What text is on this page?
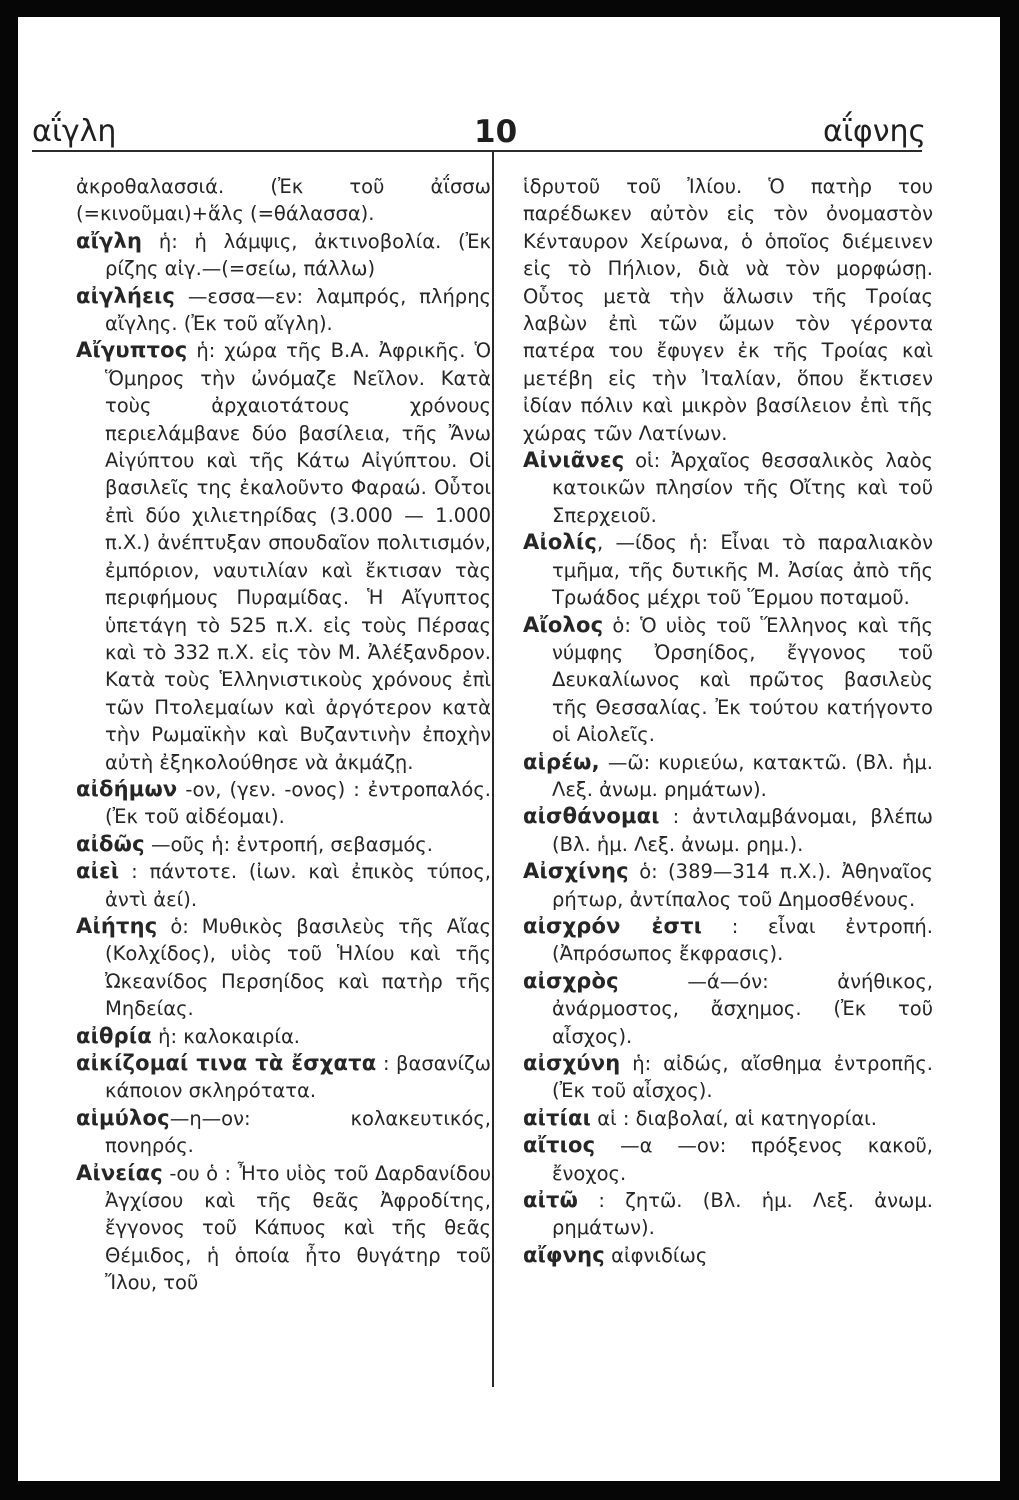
αΐγλη	10	αΐφνης
ἀκροθαλασσιά. (Ἐκ τοῦ ἀΐσσω (=κινοῦμαι)+ἅλς (=θάλασσα).
αἴγλη ἡ: ἡ λάμψις, ἀκτινοβολία. (Ἐκ ρίζης αἰγ.—(=σείω, πάλλω)
αἰγλήεις —εσσα—εν: λαμπρός, πλήρης αἴγλης. (Ἐκ τοῦ αἴγλη).
Αἴγυπτος ἡ: χώρα τῆς Β.Α. Ἀφρικῆς. Ὁ Ὅμηρος τὴν ὠνόμαζε Νεῖλον. Κατὰ τοὺς ἀρχαιοτάτους χρόνους περιελάμβανε δύο βασίλεια, τῆς Ἄνω Αἰγύπτου καὶ τῆς Κάτω Αἰγύπτου. Οἱ βασιλεῖς της ἐκαλοῦντο Φαραώ. Οὗτοι ἐπὶ δύο χιλιετηρίδας (3.000 — 1.000 π.Χ.) ἀνέπτυξαν σπουδαῖον πολιτισμόν, ἐμπόριον, ναυτιλίαν καὶ ἔκτισαν τὰς περιφήμους Πυραμίδας. Ἡ Αἴγυπτος ὑπετάγη τὸ 525 π.Χ. εἰς τοὺς Πέρσας καὶ τὸ 332 π.Χ. εἰς τὸν Μ. Ἀλέξανδρον. Κατὰ τοὺς Ἑλληνιστικοὺς χρόνους ἐπὶ τῶν Πτολεμαίων καὶ ἀργότερον κατὰ τὴν Ρωμαϊκὴν καὶ Βυζαντινὴν ἐποχὴν αὐτὴ ἐξηκολούθησε νὰ ἀκμάζῃ.
αἰδήμων -ον, (γεν. -ονος) : ἐντροπαλός. (Ἐκ τοῦ αἰδέομαι).
αἰδῶς —οῦς ἡ: ἐντροπή, σεβασμός.
αἰεὶ : πάντοτε. (ἰων. καὶ ἐπικὸς τύπος, ἀντὶ ἀεί).
Αἰήτης ὁ: Μυθικὸς βασιλεὺς τῆς Αἴας (Κολχίδος), υἱὸς τοῦ Ἡλίου καὶ τῆς Ὠκεανίδος Περσηίδος καὶ πατὴρ τῆς Μηδείας.
αἰθρία ἡ: καλοκαιρία.
αἰκίζομαί τινα τὰ ἔσχατα : βασανίζω κάποιον σκληρότατα.
αἱμύλος—η—ον: κολακευτικός, πονηρός.
Αἰνείας -ου ὁ : Ἦτο υἱὸς τοῦ Δαρδανίδου Ἀγχίσου καὶ τῆς θεᾶς Ἀφροδίτης, ἔγγονος τοῦ Κάπυος καὶ τῆς θεᾶς Θέμιδος, ἡ ὁποία ἦτο θυγάτηρ τοῦ Ἴλου, τοῦ
ἱδρυτοῦ τοῦ Ἰλίου. Ὁ πατὴρ του παρέδωκεν αὐτὸν εἰς τὸν ὀνομαστὸν Κένταυρον Χείρωνα, ὁ ὁποῖος διέμεινεν εἰς τὸ Πήλιον, διὰ νὰ τὸν μορφώσῃ. Οὗτος μετὰ τὴν ἅλωσιν τῆς Τροίας λαβὼν ἐπὶ τῶν ὤμων τὸν γέροντα πατέρα του ἔφυγεν ἐκ τῆς Τροίας καὶ μετέβη εἰς τὴν Ἰταλίαν, ὅπου ἔκτισεν ἰδίαν πόλιν καὶ μικρὸν βασίλειον ἐπὶ τῆς χώρας τῶν Λατίνων.
Αἰνιᾶνες οἱ: Ἀρχαῖος θεσσαλικὸς λαὸς κατοικῶν πλησίον τῆς Οἴτης καὶ τοῦ Σπερχειοῦ.
Αἰολίς, —ίδος ἡ: Εἶναι τὸ παραλιακὸν τμῆμα, τῆς δυτικῆς Μ. Ἀσίας ἀπὸ τῆς Τρωάδος μέχρι τοῦ Ἕρμου ποταμοῦ.
Αἴολος ὁ: Ὁ υἱὸς τοῦ Ἕλληνος καὶ τῆς νύμφης Ὀρσηίδος, ἔγγονος τοῦ Δευκαλίωνος καὶ πρῶτος βασιλεὺς τῆς Θεσσαλίας. Ἐκ τούτου κατήγοντο οἱ Αἰολεῖς.
αἱρέω, —ῶ: κυριεύω, κατακτῶ. (Βλ. ἡμ. Λεξ. ἀνωμ. ρημάτων).
αἰσθάνομαι : ἀντιλαμβάνομαι, βλέπω (Βλ. ἡμ. Λεξ. ἀνωμ. ρημ.).
Αἰσχίνης ὁ: (389—314 π.Χ.). Ἀθηναῖος ρήτωρ, ἀντίπαλος τοῦ Δημοσθένους.
αἰσχρόν ἐστι : εἶναι ἐντροπή. (Ἀπρόσωπος ἔκφρασις).
αἰσχρὸς —ά—όν: ἀνήθικος, ἀνάρμοστος, ἄσχημος. (Ἐκ τοῦ αἶσχος).
αἰσχύνη ἡ: αἰδώς, αἴσθημα ἐντροπῆς. (Ἐκ τοῦ αἶσχος).
αἰτίαι αἱ : διαβολαί, αἱ κατηγορίαι.
αἴτιος —α —ον: πρόξενος κακοῦ, ἔνοχος.
αἰτῶ : ζητῶ. (Βλ. ἡμ. Λεξ. ἀνωμ. ρημάτων).
αἴφνης αἰφνιδίως
